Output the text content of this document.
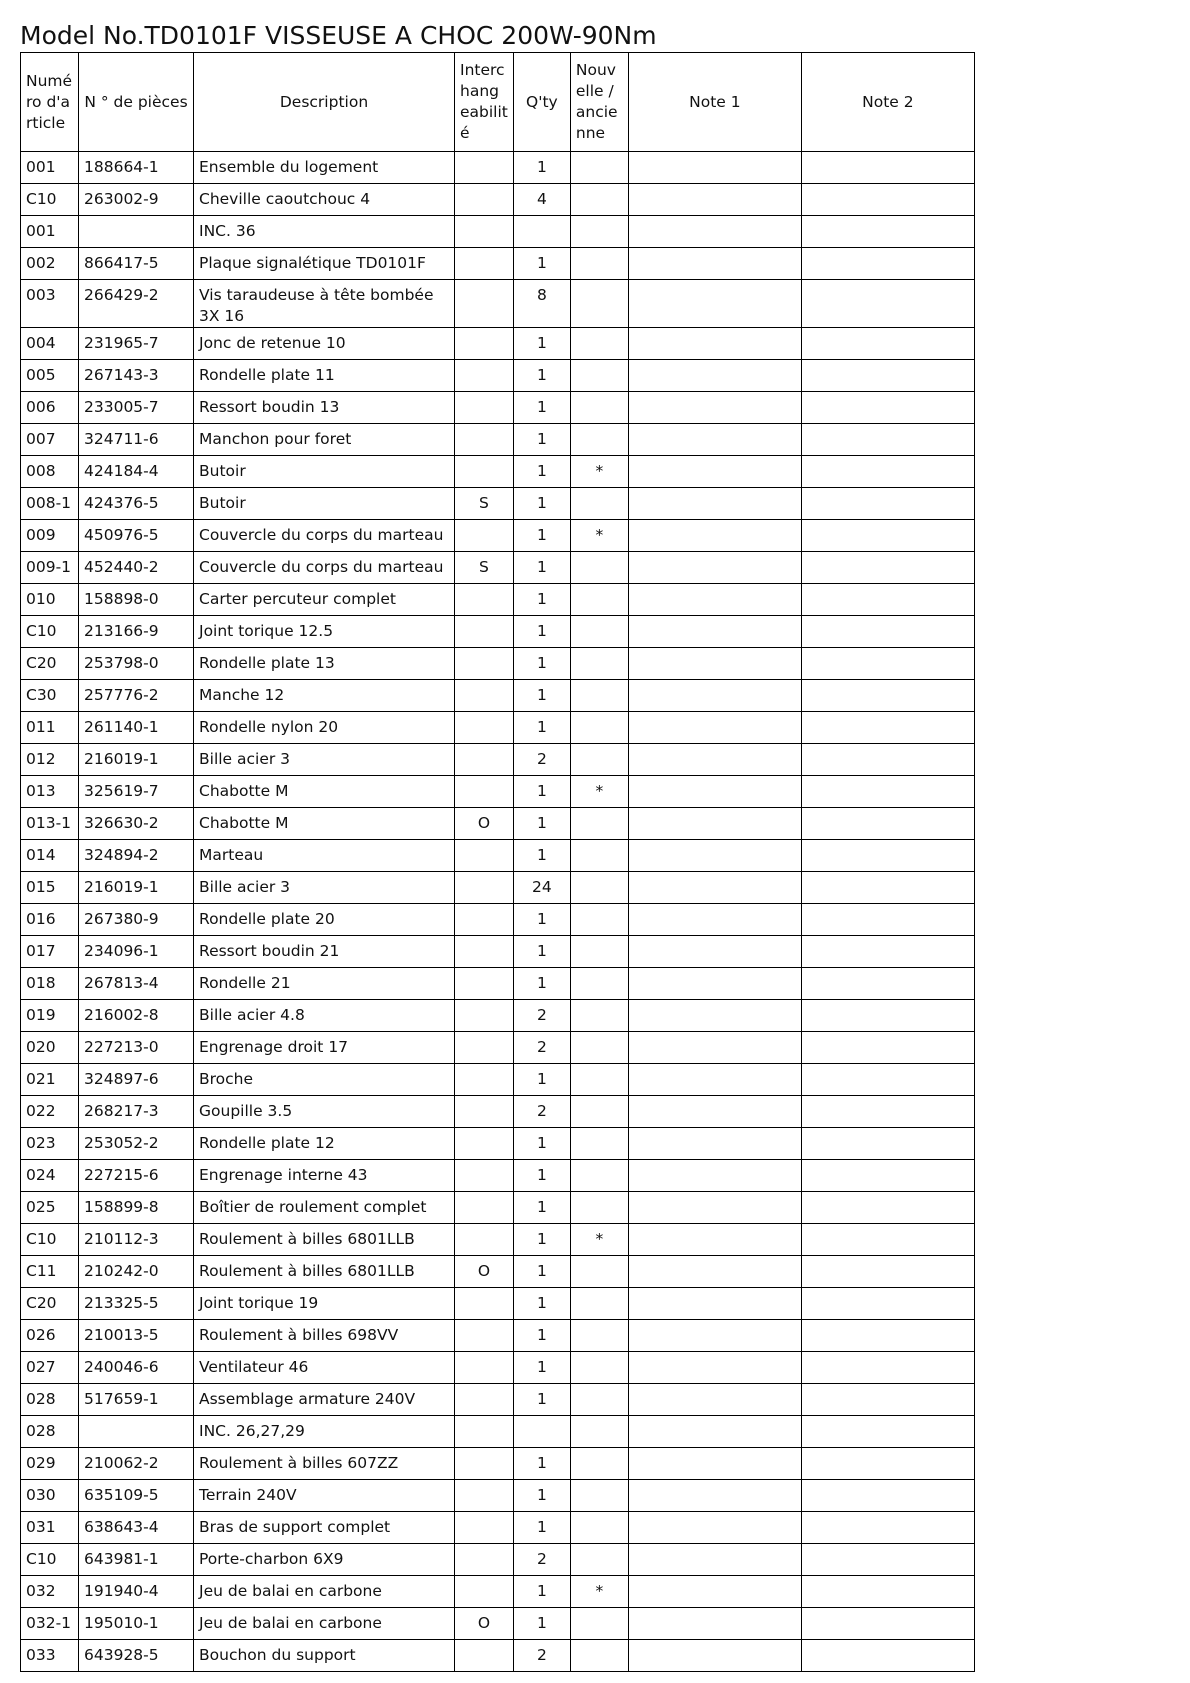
Model No.TD0101F VISSEUSE A CHOC 200W-90Nm
Numé ro d'a rticle	N ° de pièces	Description	Interc hang eabilit é	Q'ty	Nouv elle / ancie nne	Note 1	Note 2
001	188664-1	Ensemble du logement		1			
C10	263002-9	Cheville caoutchouc 4		4			
001		INC. 36					
002	866417-5	Plaque signalétique TD0101F		1			
003	266429-2	Vis taraudeuse à tête bombée 3X 16		8			
004	231965-7	Jonc de retenue 10		1			
005	267143-3	Rondelle plate 11		1			
006	233005-7	Ressort boudin 13		1			
007	324711-6	Manchon pour foret		1			
008	424184-4	Butoir		1	*		
008-1	424376-5	Butoir	S	1			
009	450976-5	Couvercle du corps du marteau		1	*		
009-1	452440-2	Couvercle du corps du marteau	S	1			
010	158898-0	Carter percuteur complet		1			
C10	213166-9	Joint torique 12.5		1			
C20	253798-0	Rondelle plate 13		1			
C30	257776-2	Manche 12		1			
011	261140-1	Rondelle nylon 20		1			
012	216019-1	Bille acier 3		2			
013	325619-7	Chabotte M		1	*		
013-1	326630-2	Chabotte M	O	1			
014	324894-2	Marteau		1			
015	216019-1	Bille acier 3		24			
016	267380-9	Rondelle plate 20		1			
017	234096-1	Ressort boudin 21		1			
018	267813-4	Rondelle 21		1			
019	216002-8	Bille acier 4.8		2			
020	227213-0	Engrenage droit 17		2			
021	324897-6	Broche		1			
022	268217-3	Goupille 3.5		2			
023	253052-2	Rondelle plate 12		1			
024	227215-6	Engrenage interne 43		1			
025	158899-8	Boîtier de roulement complet		1			
C10	210112-3	Roulement à billes 6801LLB		1	*		
C11	210242-0	Roulement à billes 6801LLB	O	1			
C20	213325-5	Joint torique 19		1			
026	210013-5	Roulement à billes 698VV		1			
027	240046-6	Ventilateur 46		1			
028	517659-1	Assemblage armature 240V		1			
028		INC. 26,27,29					
029	210062-2	Roulement à billes 607ZZ		1			
030	635109-5	Terrain 240V		1			
031	638643-4	Bras de support complet		1			
C10	643981-1	Porte-charbon 6X9		2			
032	191940-4	Jeu de balai en carbone		1	*		
032-1	195010-1	Jeu de balai en carbone	O	1			
033	643928-5	Bouchon du support		2			
